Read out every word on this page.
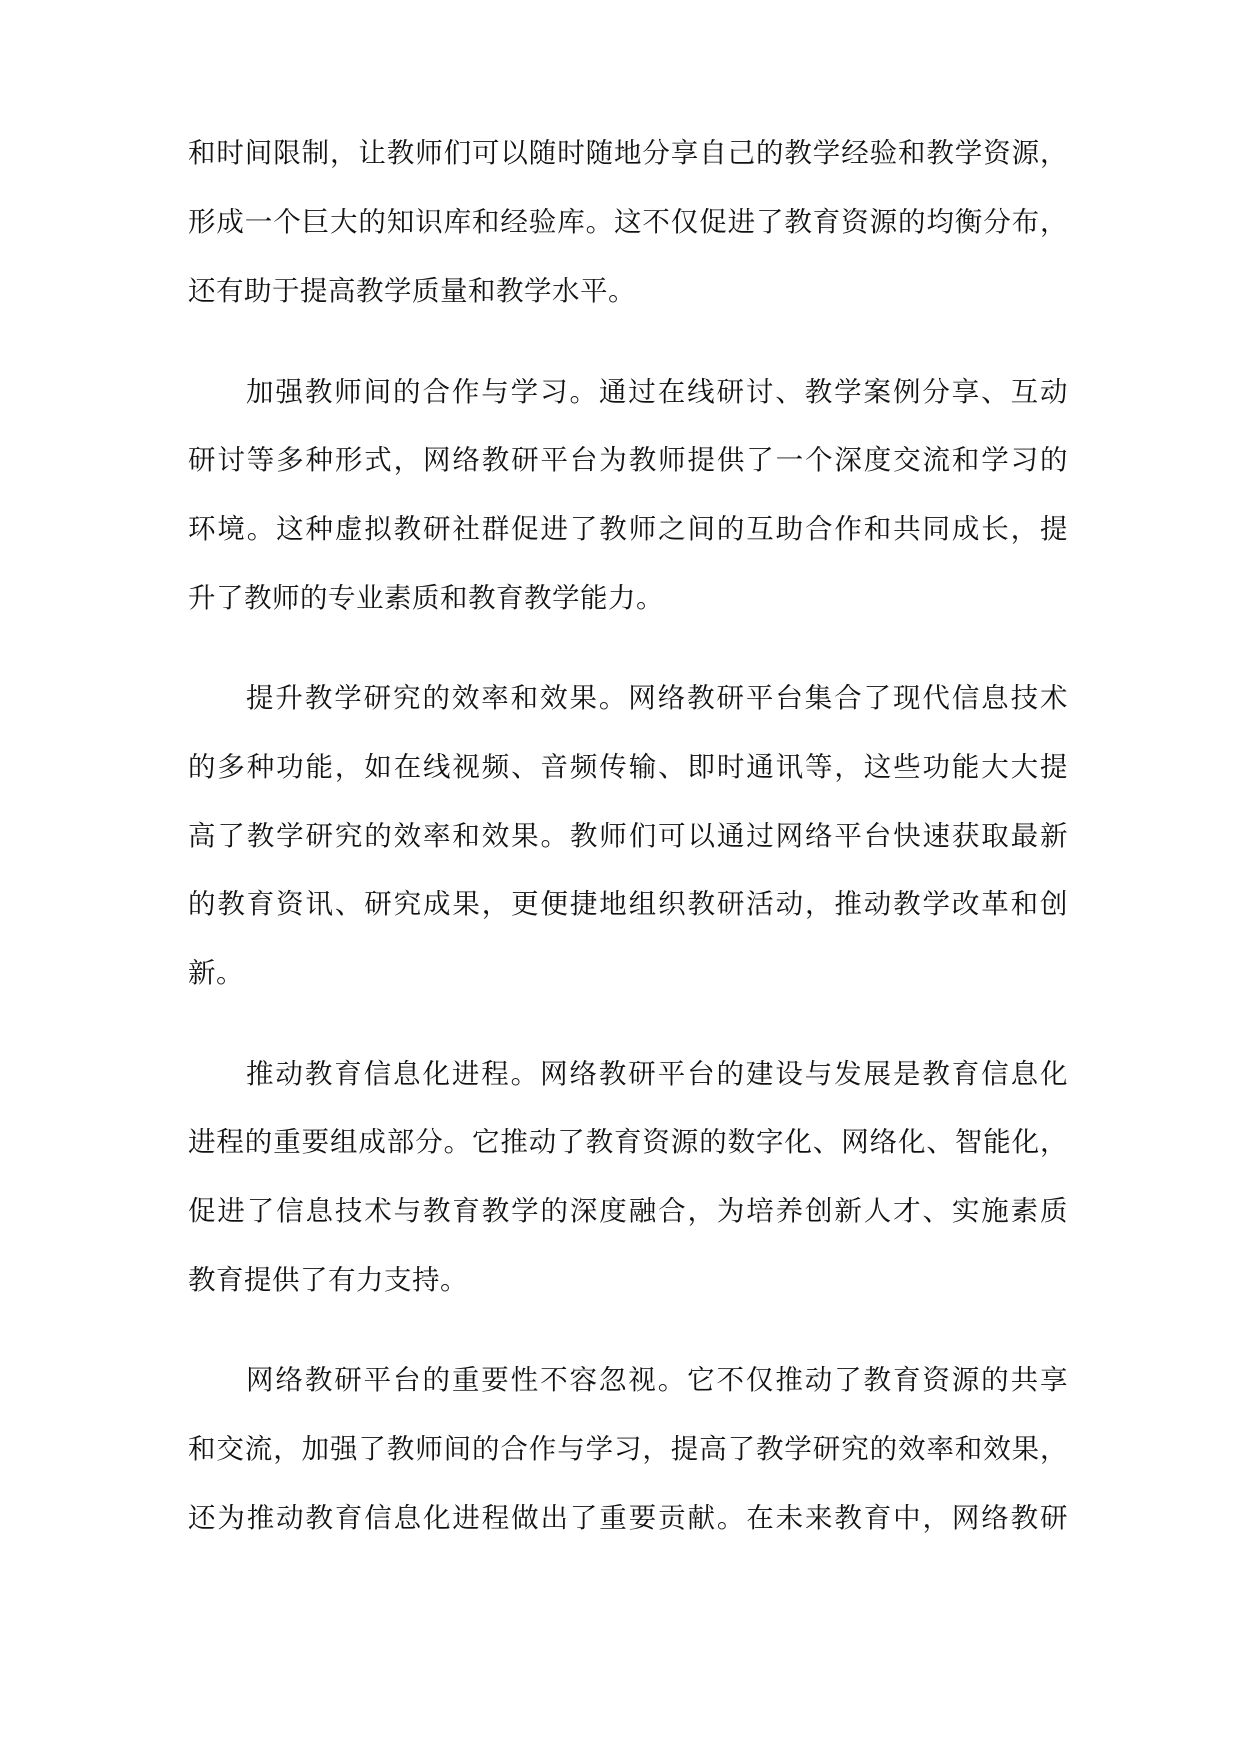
和时间限制，让教师们可以随时随地分享自己的教学经验和教学资源，
形成一个巨大的知识库和经验库。这不仅促进了教育资源的均衡分布，
还有助于提高教学质量和教学水平。
加强教师间的合作与学习。通过在线研讨、教学案例分享、互动
研讨等多种形式，网络教研平台为教师提供了一个深度交流和学习的
环境。这种虚拟教研社群促进了教师之间的互助合作和共同成长，提
升了教师的专业素质和教育教学能力。
提升教学研究的效率和效果。网络教研平台集合了现代信息技术
的多种功能，如在线视频、音频传输、即时通讯等，这些功能大大提
高了教学研究的效率和效果。教师们可以通过网络平台快速获取最新
的教育资讯、研究成果，更便捷地组织教研活动，推动教学改革和创
新。
推动教育信息化进程。网络教研平台的建设与发展是教育信息化
进程的重要组成部分。它推动了教育资源的数字化、网络化、智能化，
促进了信息技术与教育教学的深度融合，为培养创新人才、实施素质
教育提供了有力支持。
网络教研平台的重要性不容忽视。它不仅推动了教育资源的共享
和交流，加强了教师间的合作与学习，提高了教学研究的效率和效果，
还为推动教育信息化进程做出了重要贡献。在未来教育中，网络教研
